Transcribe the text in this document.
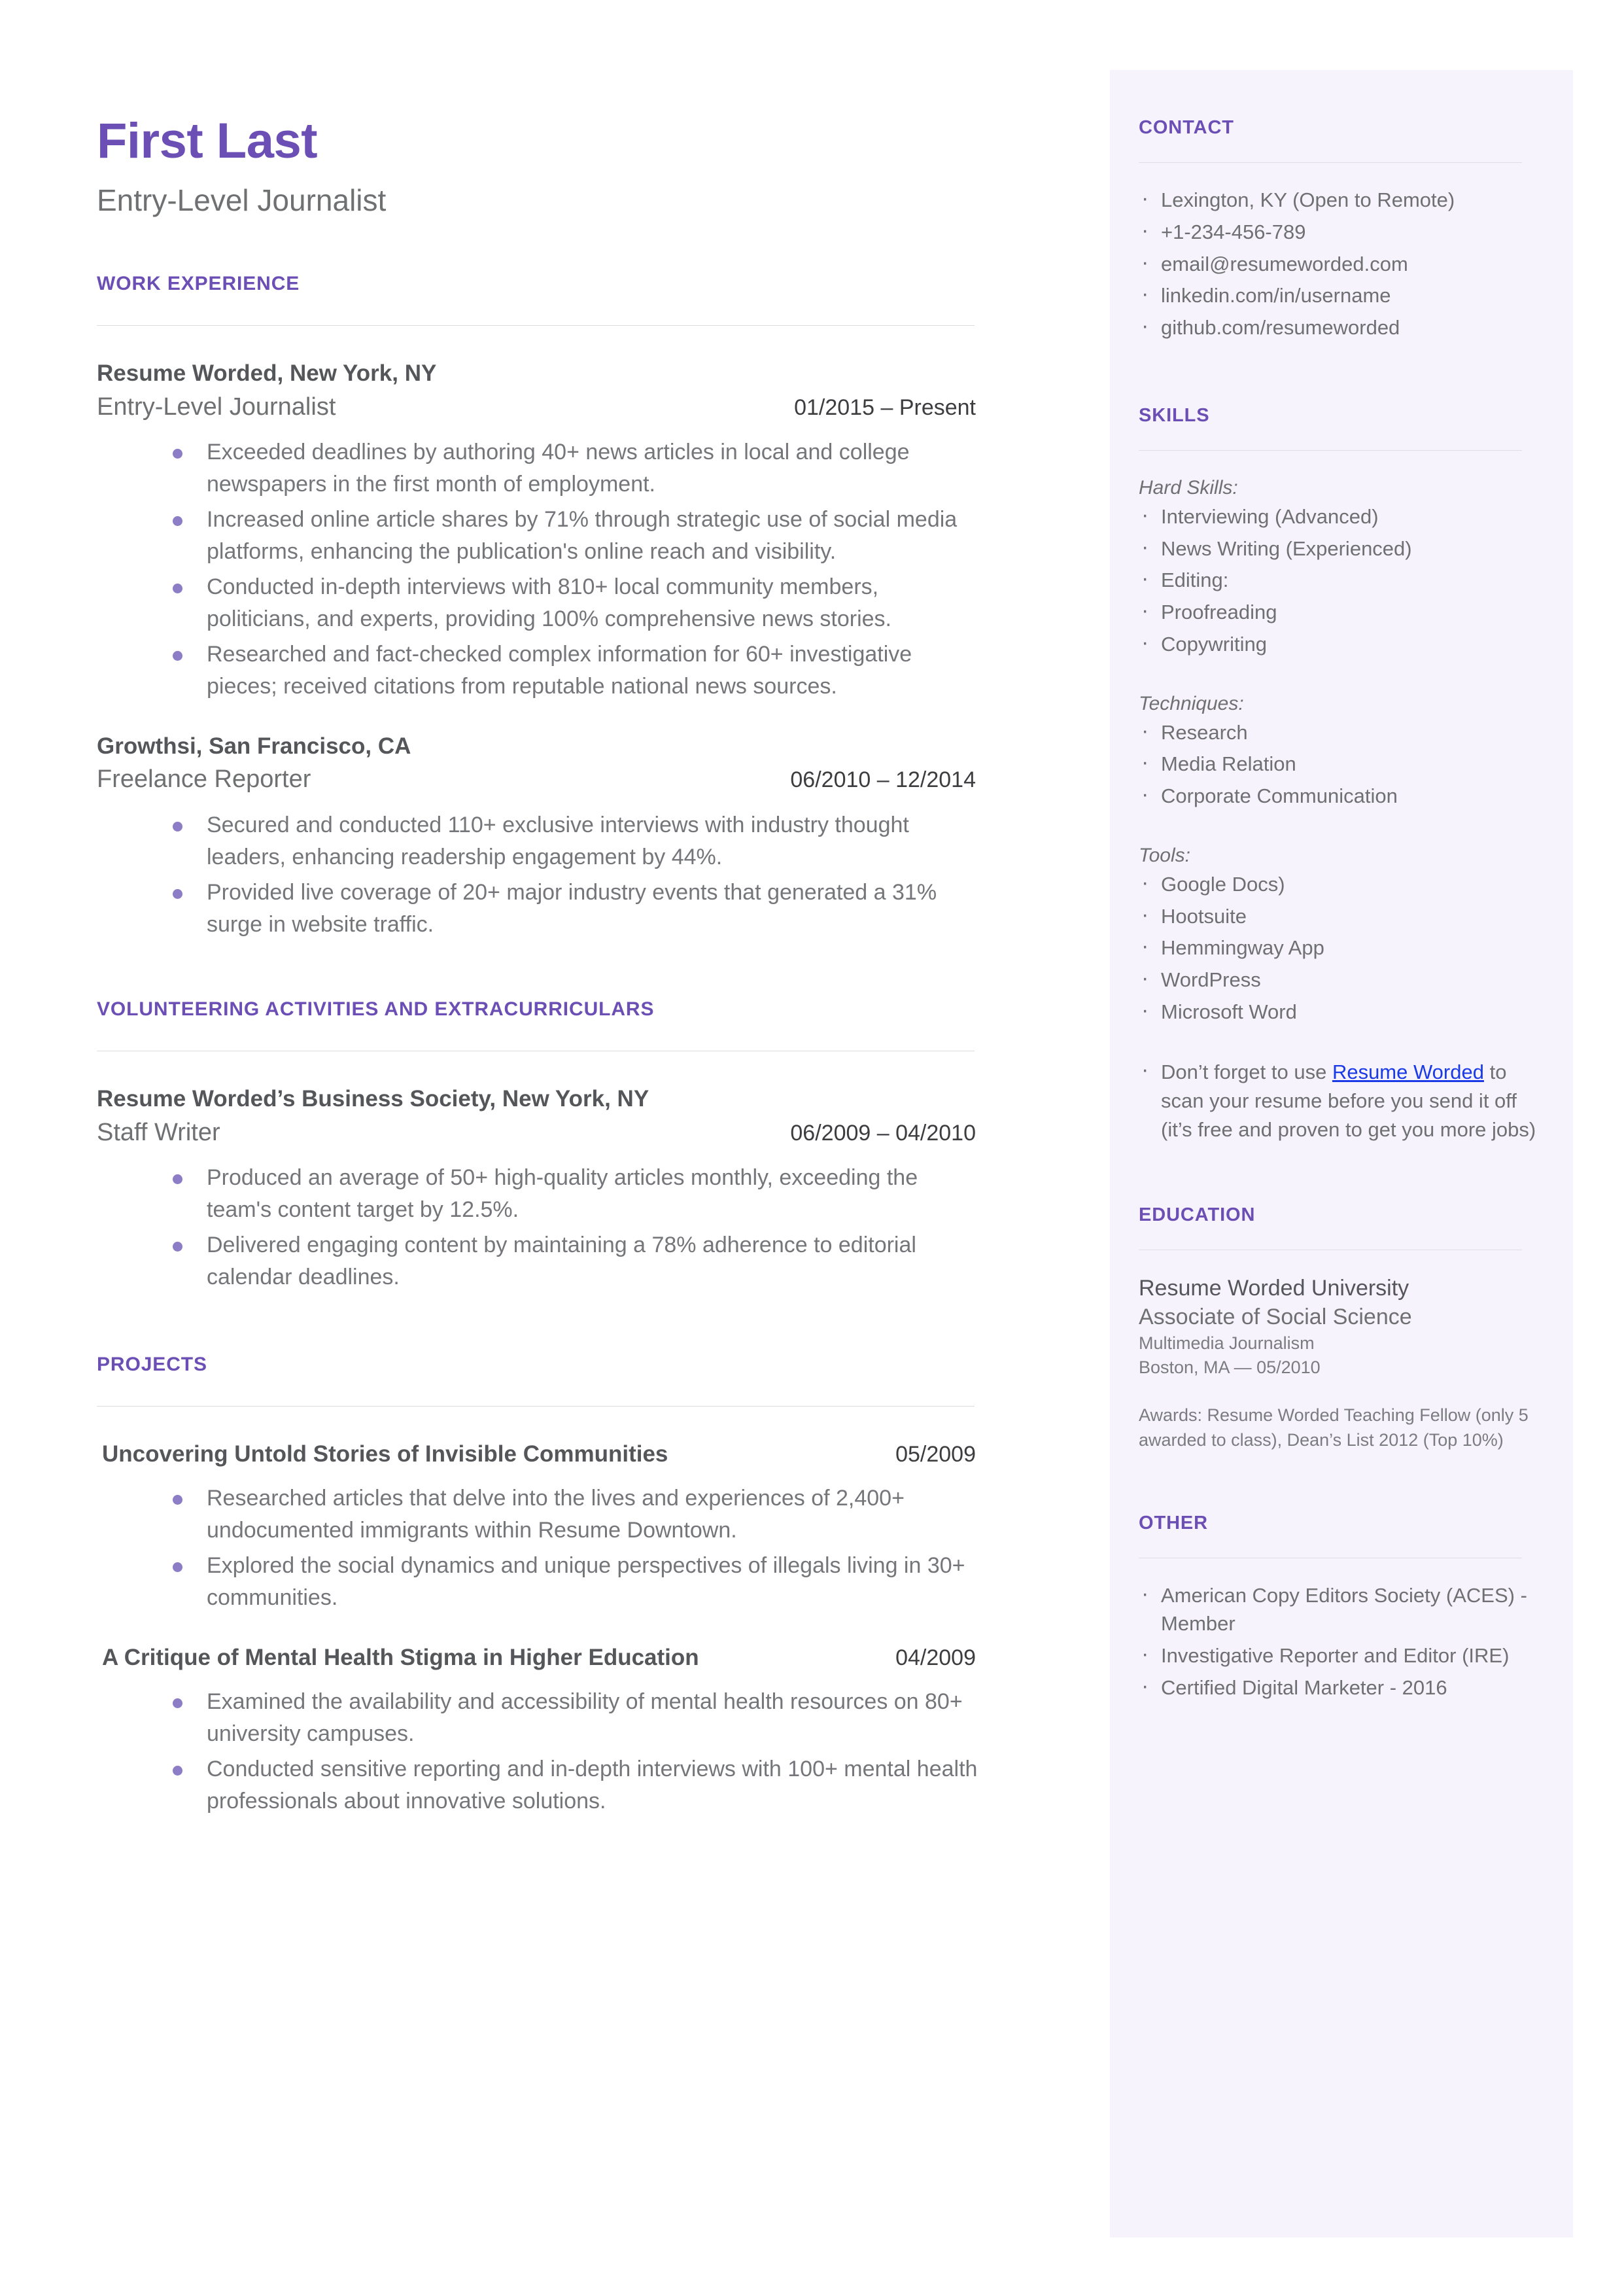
First Last
Entry-Level Journalist
WORK EXPERIENCE
Resume Worded, New York, NY
Entry-Level Journalist	01/2015 – Present
Exceeded deadlines by authoring 40+ news articles in local and college newspapers in the first month of employment.
Increased online article shares by 71% through strategic use of social media platforms, enhancing the publication's online reach and visibility.
Conducted in-depth interviews with 810+ local community members, politicians, and experts, providing 100% comprehensive news stories.
Researched and fact-checked complex information for 60+ investigative pieces; received citations from reputable national news sources.
Growthsi, San Francisco, CA
Freelance Reporter	06/2010 – 12/2014
Secured and conducted 110+ exclusive interviews with industry thought leaders, enhancing readership engagement by 44%.
Provided live coverage of 20+ major industry events that generated a 31% surge in website traffic.
VOLUNTEERING ACTIVITIES AND EXTRACURRICULARS
Resume Worded’s Business Society, New York, NY
Staff Writer	06/2009 – 04/2010
Produced an average of 50+ high-quality articles monthly, exceeding the team's content target by 12.5%.
Delivered engaging content by maintaining a 78% adherence to editorial calendar deadlines.
PROJECTS
Uncovering Untold Stories of Invisible Communities	05/2009
Researched articles that delve into the lives and experiences of 2,400+ undocumented immigrants within Resume Downtown.
Explored the social dynamics and unique perspectives of illegals living in 30+ communities.
A Critique of Mental Health Stigma in Higher Education	04/2009
Examined the availability and accessibility of mental health resources on 80+ university campuses.
Conducted sensitive reporting and in-depth interviews with 100+ mental health professionals about innovative solutions.
CONTACT
· Lexington, KY (Open to Remote)
· +1-234-456-789
· email@resumeworded.com
· linkedin.com/in/username
· github.com/resumeworded
SKILLS
Hard Skills:
· Interviewing (Advanced)
· News Writing (Experienced)
· Editing:
· Proofreading
· Copywriting
Techniques:
· Research
· Media Relation
· Corporate Communication
Tools:
· Google Docs)
· Hootsuite
· Hemmingway App
· WordPress
· Microsoft Word
· Don’t forget to use Resume Worded to scan your resume before you send it off (it’s free and proven to get you more jobs)
EDUCATION
Resume Worded University
Associate of Social Science
Multimedia Journalism
Boston, MA — 05/2010
Awards: Resume Worded Teaching Fellow (only 5 awarded to class), Dean’s List 2012 (Top 10%)
OTHER
· American Copy Editors Society (ACES) - Member
· Investigative Reporter and Editor (IRE)
· Certified Digital Marketer - 2016
